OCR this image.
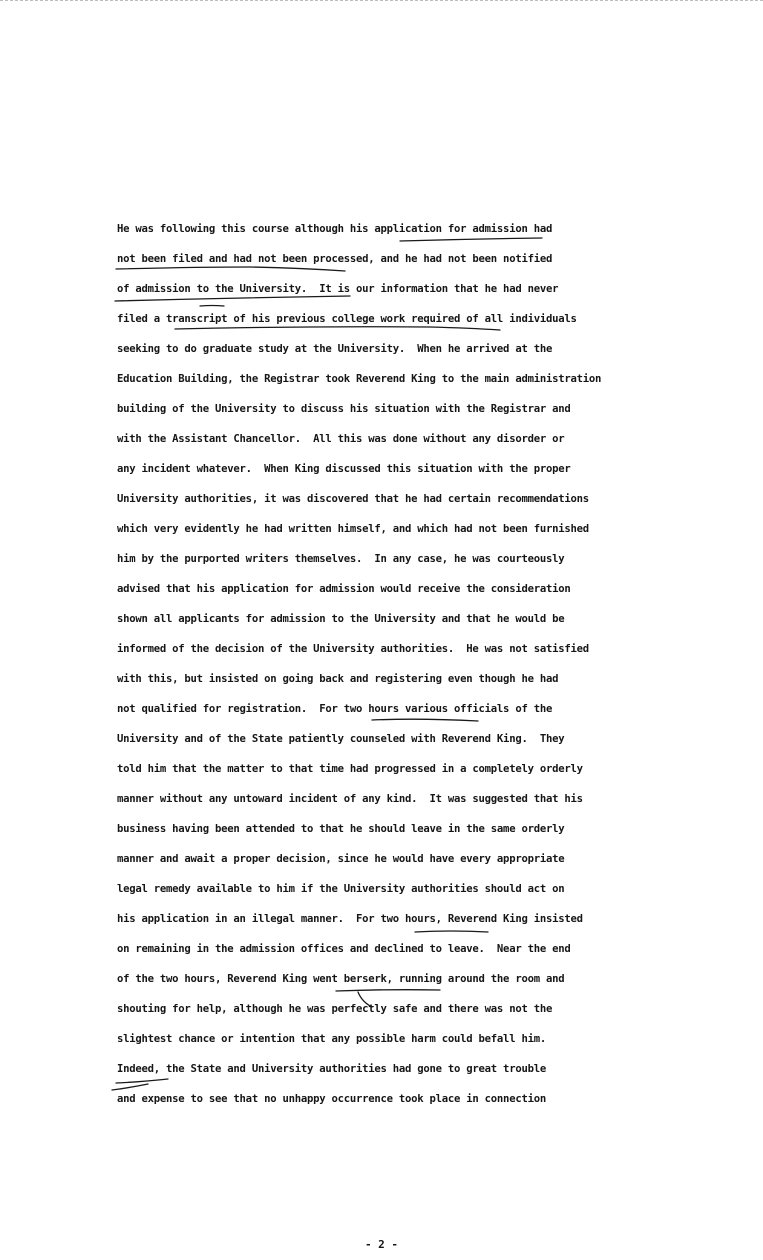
He was following this course although his application for admission had
not been filed and had not been processed, and he had not been notified
of admission to the University.  It is our information that he had never
filed a transcript of his previous college work required of all individuals
seeking to do graduate study at the University.  When he arrived at the
Education Building, the Registrar took Reverend King to the main administration
building of the University to discuss his situation with the Registrar and
with the Assistant Chancellor.  All this was done without any disorder or
any incident whatever.  When King discussed this situation with the proper
University authorities, it was discovered that he had certain recommendations
which very evidently he had written himself, and which had not been furnished
him by the purported writers themselves.  In any case, he was courteously
advised that his application for admission would receive the consideration
shown all applicants for admission to the University and that he would be
informed of the decision of the University authorities.  He was not satisfied
with this, but insisted on going back and registering even though he had
not qualified for registration.  For two hours various officials of the
University and of the State patiently counseled with Reverend King.  They
told him that the matter to that time had progressed in a completely orderly
manner without any untoward incident of any kind.  It was suggested that his
business having been attended to that he should leave in the same orderly
manner and await a proper decision, since he would have every appropriate
legal remedy available to him if the University authorities should act on
his application in an illegal manner.  For two hours, Reverend King insisted
on remaining in the admission offices and declined to leave.  Near the end
of the two hours, Reverend King went berserk, running around the room and
shouting for help, although he was perfectly safe and there was not the
slightest chance or intention that any possible harm could befall him.
Indeed, the State and University authorities had gone to great trouble
and expense to see that no unhappy occurrence took place in connection
- 2 -
